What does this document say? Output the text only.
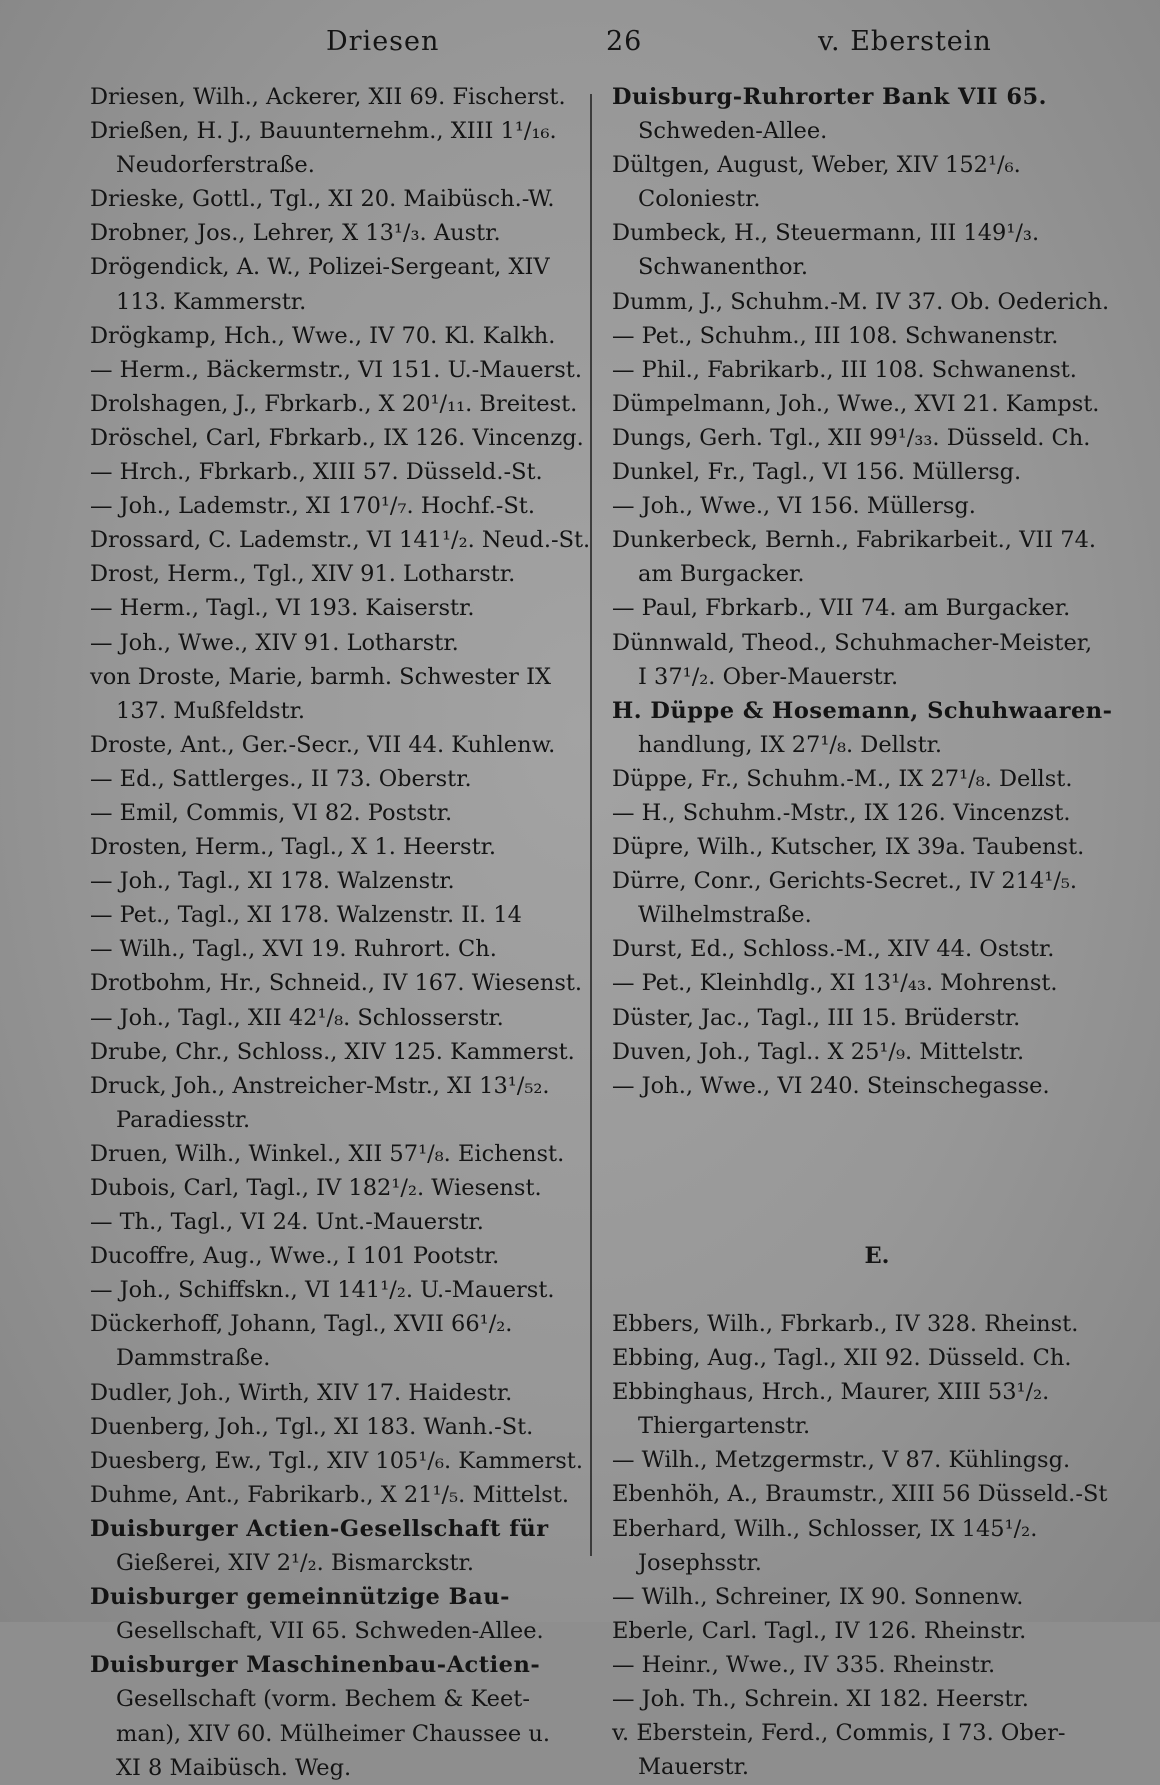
Driesen	26	v. Eberstein
Driesen, Wilh., Ackerer, XII 69. Fischerst.
Drießen, H. J., Bauunternehm., XIII 1¹/₁₆.
Neudorferstraße.
Drieske, Gottl., Tgl., XI 20. Maibüsch.-W.
Drobner, Jos., Lehrer, X 13¹/₃. Austr.
Drögendick, A. W., Polizei-Sergeant, XIV
113. Kammerstr.
Drögkamp, Hch., Wwe., IV 70. Kl. Kalkh.
— Herm., Bäckermstr., VI 151. U.-Mauerst.
Drolshagen, J., Fbrkarb., X 20¹/₁₁. Breitest.
Dröschel, Carl, Fbrkarb., IX 126. Vincenzg.
— Hrch., Fbrkarb., XIII 57. Düsseld.-St.
— Joh., Lademstr., XI 170¹/₇. Hochf.-St.
Drossard, C. Lademstr., VI 141¹/₂. Neud.-St.
Drost, Herm., Tgl., XIV 91. Lotharstr.
— Herm., Tagl., VI 193. Kaiserstr.
— Joh., Wwe., XIV 91. Lotharstr.
von Droste, Marie, barmh. Schwester IX
137. Mußfeldstr.
Droste, Ant., Ger.-Secr., VII 44. Kuhlenw.
— Ed., Sattlerges., II 73. Oberstr.
— Emil, Commis, VI 82. Poststr.
Drosten, Herm., Tagl., X 1. Heerstr.
— Joh., Tagl., XI 178. Walzenstr.
— Pet., Tagl., XI 178. Walzenstr. II. 14
— Wilh., Tagl., XVI 19. Ruhrort. Ch.
Drotbohm, Hr., Schneid., IV 167. Wiesenst.
— Joh., Tagl., XII 42¹/₈. Schlosserstr.
Drube, Chr., Schloss., XIV 125. Kammerst.
Druck, Joh., Anstreicher-Mstr., XI 13¹/₅₂.
Paradiesstr.
Druen, Wilh., Winkel., XII 57¹/₈. Eichenst.
Dubois, Carl, Tagl., IV 182¹/₂. Wiesenst.
— Th., Tagl., VI 24. Unt.-Mauerstr.
Ducoffre, Aug., Wwe., I 101 Pootstr.
— Joh., Schiffskn., VI 141¹/₂. U.-Mauerst.
Dückerhoff, Johann, Tagl., XVII 66¹/₂.
Dammstraße.
Dudler, Joh., Wirth, XIV 17. Haidestr.
Duenberg, Joh., Tgl., XI 183. Wanh.-St.
Duesberg, Ew., Tgl., XIV 105¹/₆. Kammerst.
Duhme, Ant., Fabrikarb., X 21¹/₅. Mittelst.
Duisburger Actien-Gesellschaft für
Gießerei, XIV 2¹/₂. Bismarckstr.
Duisburger gemeinnützige Bau-
Gesellschaft, VII 65. Schweden-Allee.
Duisburger Maschinenbau-Actien-
Gesellschaft (vorm. Bechem & Keet-
man), XIV 60. Mülheimer Chaussee u.
XI 8 Maibüsch. Weg.
Duisburg-Ruhrorter Bank VII 65.
Schweden-Allee.
Dültgen, August, Weber, XIV 152¹/₆.
Coloniestr.
Dumbeck, H., Steuermann, III 149¹/₃.
Schwanenthor.
Dumm, J., Schuhm.-M. IV 37. Ob. Oederich.
— Pet., Schuhm., III 108. Schwanenstr.
— Phil., Fabrikarb., III 108. Schwanenst.
Dümpelmann, Joh., Wwe., XVI 21. Kampst.
Dungs, Gerh. Tgl., XII 99¹/₃₃. Düsseld. Ch.
Dunkel, Fr., Tagl., VI 156. Müllersg.
— Joh., Wwe., VI 156. Müllersg.
Dunkerbeck, Bernh., Fabrikarbeit., VII 74.
am Burgacker.
— Paul, Fbrkarb., VII 74. am Burgacker.
Dünnwald, Theod., Schuhmacher-Meister,
I 37¹/₂. Ober-Mauerstr.
H. Düppe & Hosemann, Schuhwaaren-
handlung, IX 27¹/₈. Dellstr.
Düppe, Fr., Schuhm.-M., IX 27¹/₈. Dellst.
— H., Schuhm.-Mstr., IX 126. Vincenzst.
Düpre, Wilh., Kutscher, IX 39a. Taubenst.
Dürre, Conr., Gerichts-Secret., IV 214¹/₅.
Wilhelmstraße.
Durst, Ed., Schloss.-M., XIV 44. Oststr.
— Pet., Kleinhdlg., XI 13¹/₄₃. Mohrenst.
Düster, Jac., Tagl., III 15. Brüderstr.
Duven, Joh., Tagl.. X 25¹/₉. Mittelstr.
— Joh., Wwe., VI 240. Steinschegasse.
E.
Ebbers, Wilh., Fbrkarb., IV 328. Rheinst.
Ebbing, Aug., Tagl., XII 92. Düsseld. Ch.
Ebbinghaus, Hrch., Maurer, XIII 53¹/₂.
Thiergartenstr.
— Wilh., Metzgermstr., V 87. Kühlingsg.
Ebenhöh, A., Braumstr., XIII 56 Düsseld.-St
Eberhard, Wilh., Schlosser, IX 145¹/₂.
Josephsstr.
— Wilh., Schreiner, IX 90. Sonnenw.
Eberle, Carl. Tagl., IV 126. Rheinstr.
— Heinr., Wwe., IV 335. Rheinstr.
— Joh. Th., Schrein. XI 182. Heerstr.
v. Eberstein, Ferd., Commis, I 73. Ober-
Mauerstr.
